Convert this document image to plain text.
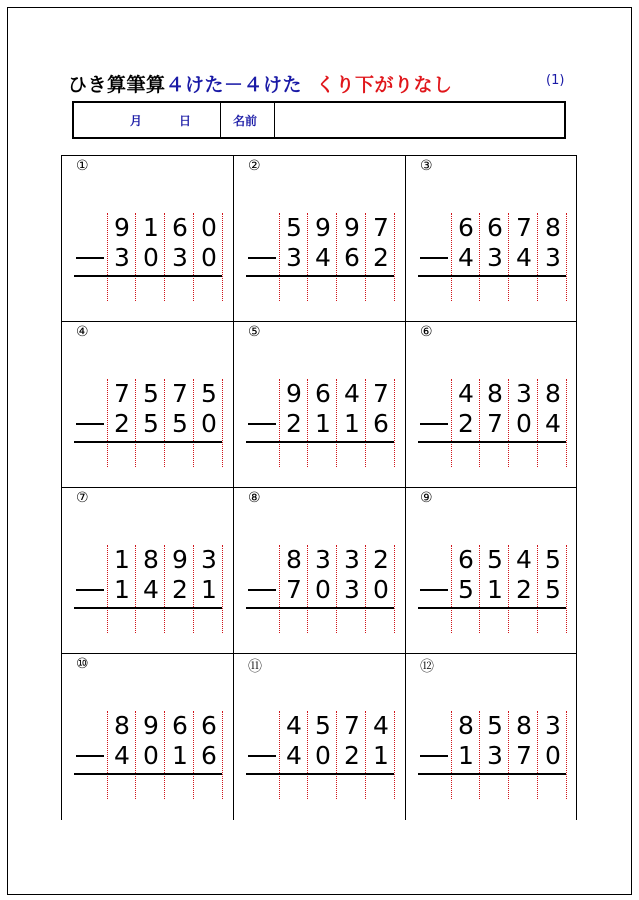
ひき算筆算４けた－４けた くり下がりなし	(1)
月	日	名前
①
9 1 6 0
3 0 3 0
②
5 9 9 7
3 4 6 2
③
6 6 7 8
4 3 4 3
④
7 5 7 5
2 5 5 0
⑤
9 6 4 7
2 1 1 6
⑥
4 8 3 8
2 7 0 4
⑦
1 8 9 3
1 4 2 1
⑧
8 3 3 2
7 0 3 0
⑨
6 5 4 5
5 1 2 5
⑩
8 9 6 6
4 0 1 6
⑪
4 5 7 4
4 0 2 1
⑫
8 5 8 3
1 3 7 0
